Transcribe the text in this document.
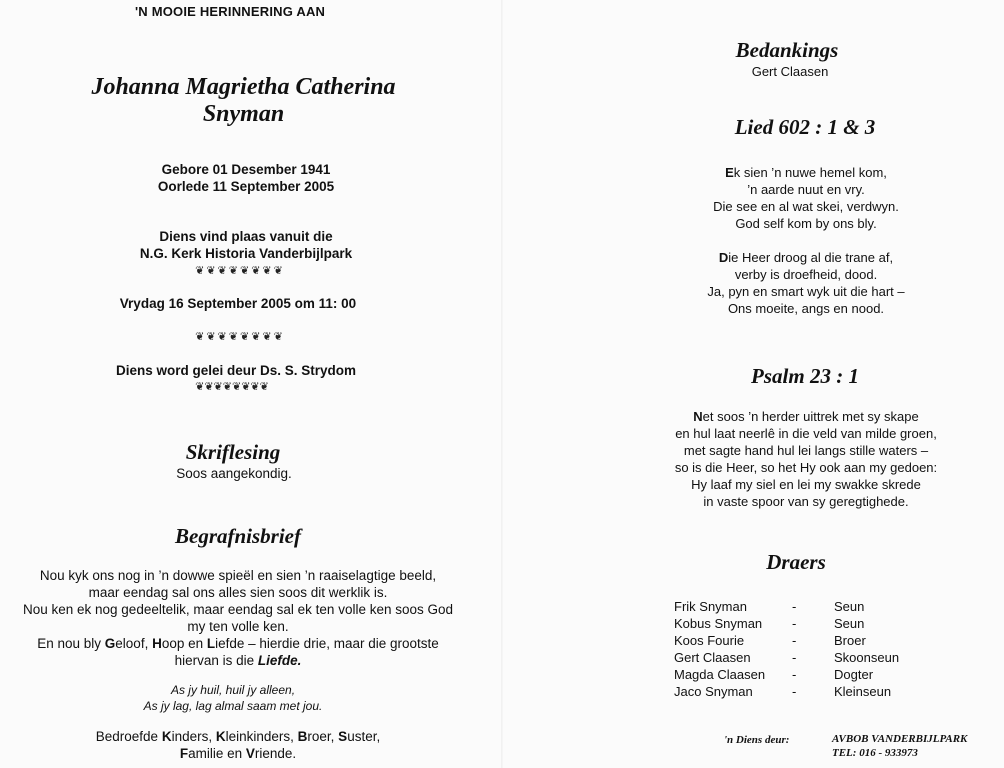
'N MOOIE HERINNERING AAN
Johanna Magrietha Catherina
Snyman
Gebore 01 Desember 1941
Oorlede 11 September 2005
Diens vind plaas vanuit die
N.G. Kerk Historia Vanderbijlpark
❦❦❦❦❦❦❦❦
Vrydag 16 September 2005 om 11: 00
❦❦❦❦❦❦❦❦
Diens word gelei deur Ds. S. Strydom
❦❦❦❦❦❦❦❦
Skriflesing
Soos aangekondig.
Begrafnisbrief
Nou kyk ons nog in ’n dowwe spieël en sien ’n raaiselagtige beeld,
maar eendag sal ons alles sien soos dit werklik is.
Nou ken ek nog gedeeltelik, maar eendag sal ek ten volle ken soos God
my ten volle ken.
En nou bly Geloof, Hoop en Liefde – hierdie drie, maar die grootste
hiervan is die Liefde.
As jy huil, huil jy alleen,
As jy lag, lag almal saam met jou.
Bedroefde Kinders, Kleinkinders, Broer, Suster,
Familie en Vriende.
Bedankings
Gert Claasen
Lied 602 : 1 & 3
Ek sien ’n nuwe hemel kom,
’n aarde nuut en vry.
Die see en al wat skei, verdwyn.
God self kom by ons bly.
Die Heer droog al die trane af,
verby is droefheid, dood.
Ja, pyn en smart wyk uit die hart –
Ons moeite, angs en nood.
Psalm 23 : 1
Net soos ’n herder uittrek met sy skape
en hul laat neerlê in die veld van milde groen,
met sagte hand hul lei langs stille waters –
so is die Heer, so het Hy ook aan my gedoen:
Hy laaf my siel en lei my swakke skrede
in vaste spoor van sy geregtighede.
Draers
Frik Snyman	-	Seun
Kobus Snyman	-	Seun
Koos Fourie	-	Broer
Gert Claasen	-	Skoonseun
Magda Claasen	-	Dogter
Jaco Snyman	-	Kleinseun
'n Diens deur:	AVBOB VANDERBIJLPARK
TEL: 016 - 933973
